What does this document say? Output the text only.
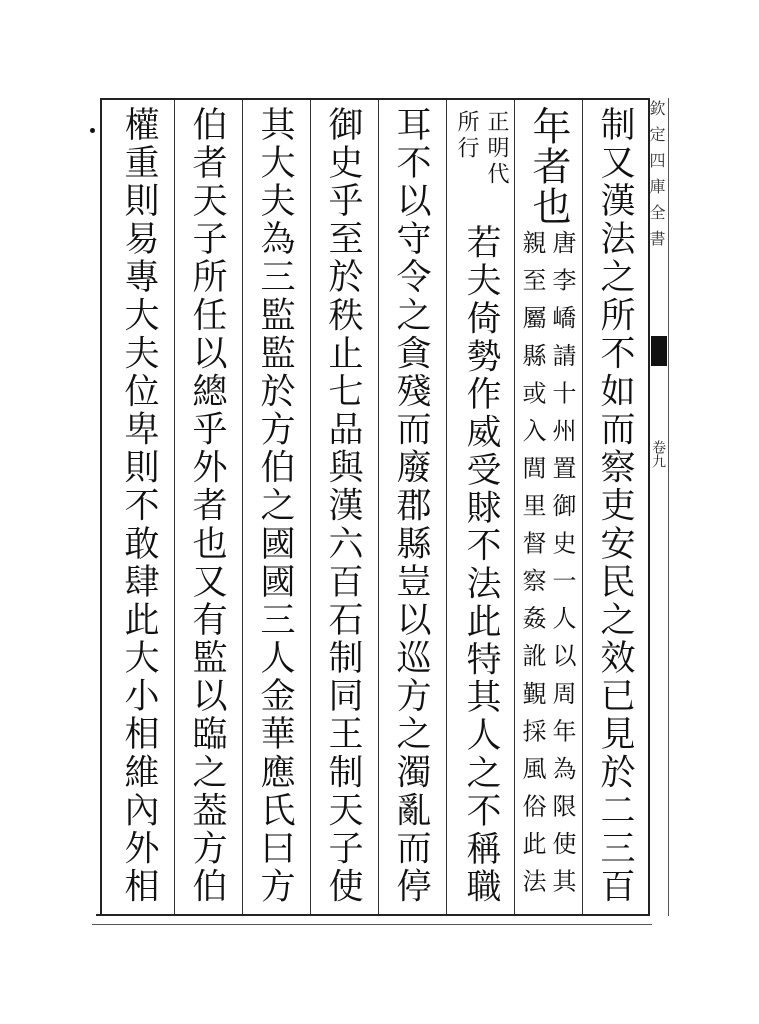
欽定四庫全書
卷九
制又漢法之所不如而察吏安民之效已見於二三百
年者也
唐李嶠請十州置御史一人以周年為限使其
親至屬縣或入閭里督察姦訛覲採風俗此法
正明代
所行
若夫倚勢作威受賕不法此特其人之不稱職
耳不以守令之貪殘而廢郡縣豈以巡方之濁亂而停
御史乎至於秩止七品與漢六百石制同王制天子使
其大夫為三監監於方伯之國國三人金華應氏曰方
伯者天子所任以總乎外者也又有監以臨之葢方伯
權重則易專大夫位卑則不敢肆此大小相維內外相
